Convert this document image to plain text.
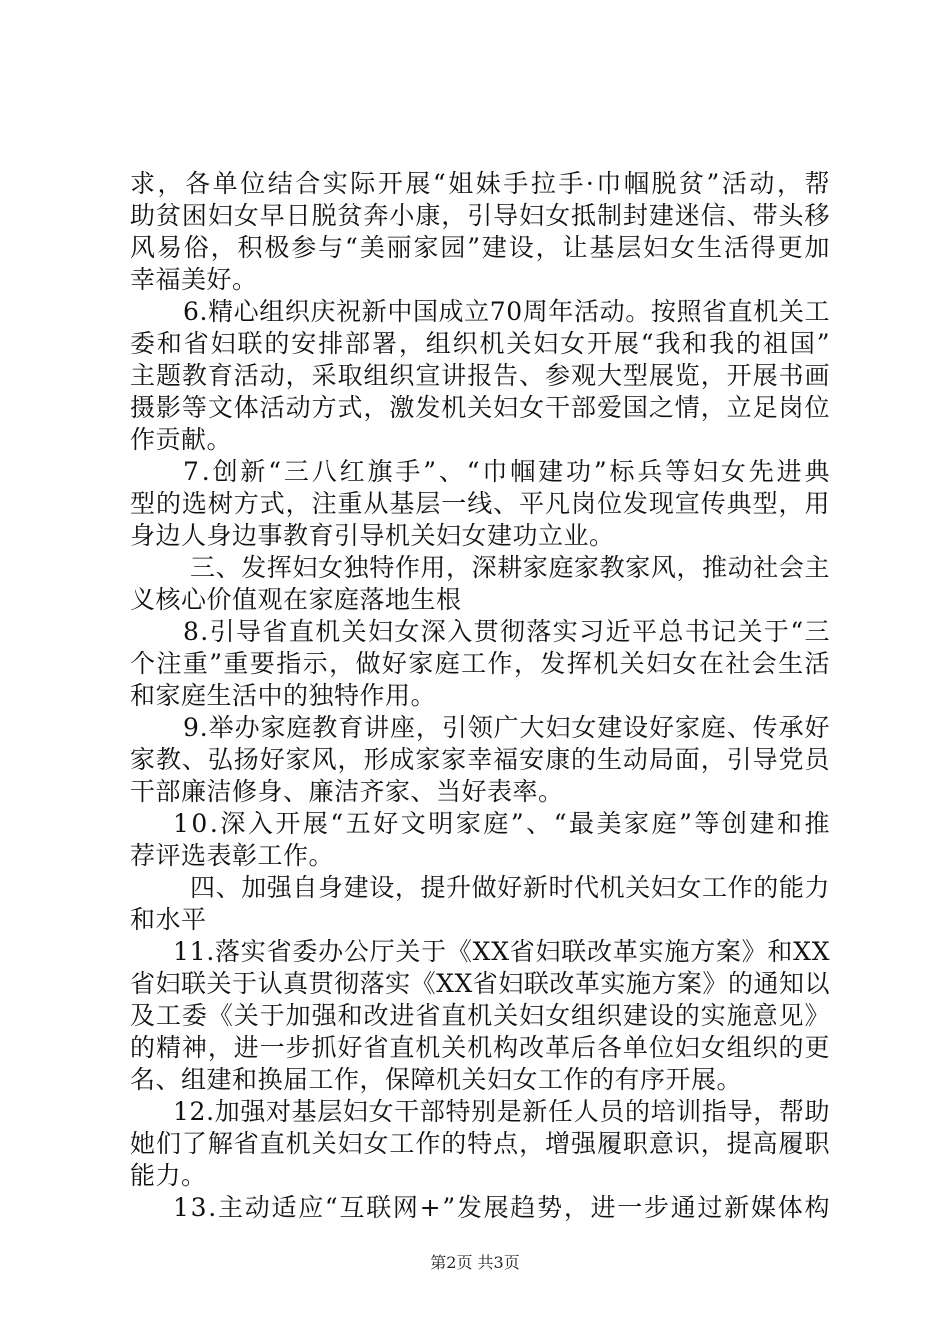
求，各单位结合实际开展“姐妹手拉手·巾帼脱贫”活动，帮
助贫困妇女早日脱贫奔小康，引导妇女抵制封建迷信、带头移
风易俗，积极参与“美丽家园”建设，让基层妇女生活得更加
幸福美好。
6.精心组织庆祝新中国成立70周年活动。按照省直机关工
委和省妇联的安排部署，组织机关妇女开展“我和我的祖国”
主题教育活动，采取组织宣讲报告、参观大型展览，开展书画
摄影等文体活动方式，激发机关妇女干部爱国之情，立足岗位
作贡献。
7.创新“三八红旗手”、“巾帼建功”标兵等妇女先进典
型的选树方式，注重从基层一线、平凡岗位发现宣传典型，用
身边人身边事教育引导机关妇女建功立业。
三、发挥妇女独特作用，深耕家庭家教家风，推动社会主
义核心价值观在家庭落地生根
8.引导省直机关妇女深入贯彻落实习近平总书记关于“三
个注重”重要指示，做好家庭工作，发挥机关妇女在社会生活
和家庭生活中的独特作用。
9.举办家庭教育讲座，引领广大妇女建设好家庭、传承好
家教、弘扬好家风，形成家家幸福安康的生动局面，引导党员
干部廉洁修身、廉洁齐家、当好表率。
10.深入开展“五好文明家庭”、“最美家庭”等创建和推
荐评选表彰工作。
四、加强自身建设，提升做好新时代机关妇女工作的能力
和水平
11.落实省委办公厅关于《XX省妇联改革实施方案》和XX
省妇联关于认真贯彻落实《XX省妇联改革实施方案》的通知以
及工委《关于加强和改进省直机关妇女组织建设的实施意见》
的精神，进一步抓好省直机关机构改革后各单位妇女组织的更
名、组建和换届工作，保障机关妇女工作的有序开展。
12.加强对基层妇女干部特别是新任人员的培训指导，帮助
她们了解省直机关妇女工作的特点，增强履职意识，提高履职
能力。
13.主动适应“互联网+”发展趋势，进一步通过新媒体构
第2页 共3页
